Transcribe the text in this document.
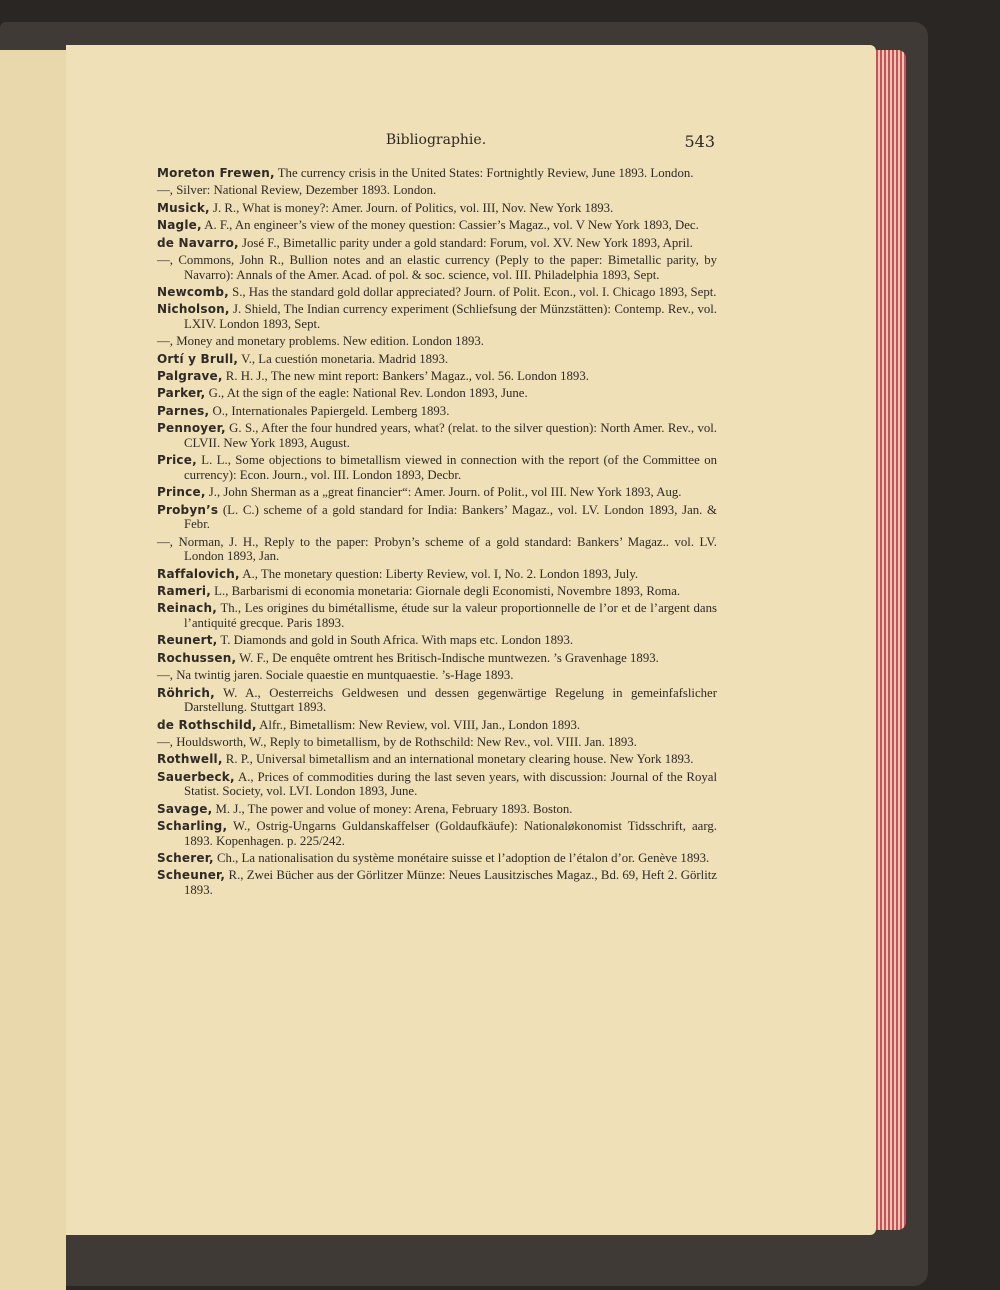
Bibliographie.	543
Moreton Frewen, The currency crisis in the United States: Fortnightly Review, June 1893. London.
—, Silver: National Review, Dezember 1893. London.
Musick, J. R., What is money?: Amer. Journ. of Politics, vol. III, Nov. New York 1893.
Nagle, A. F., An engineer’s view of the money question: Cassier’s Magaz., vol. V New York 1893, Dec.
de Navarro, José F., Bimetallic parity under a gold standard: Forum, vol. XV. New York 1893, April.
—, Commons, John R., Bullion notes and an elastic currency (Peply to the paper: Bimetallic parity, by Navarro): Annals of the Amer. Acad. of pol. & soc. science, vol. III. Philadelphia 1893, Sept.
Newcomb, S., Has the standard gold dollar appreciated? Journ. of Polit. Econ., vol. I. Chicago 1893, Sept.
Nicholson, J. Shield, The Indian currency experiment (Schliefsung der Münzstätten): Contemp. Rev., vol. LXIV. London 1893, Sept.
—, Money and monetary problems. New edition. London 1893.
Ortí y Brull, V., La cuestión monetaria. Madrid 1893.
Palgrave, R. H. J., The new mint report: Bankers’ Magaz., vol. 56. London 1893.
Parker, G., At the sign of the eagle: National Rev. London 1893, June.
Parnes, O., Internationales Papiergeld. Lemberg 1893.
Pennoyer, G. S., After the four hundred years, what? (relat. to the silver question): North Amer. Rev., vol. CLVII. New York 1893, August.
Price, L. L., Some objections to bimetallism viewed in connection with the report (of the Committee on currency): Econ. Journ., vol. III. London 1893, Decbr.
Prince, J., John Sherman as a „great financier“: Amer. Journ. of Polit., vol III. New York 1893, Aug.
Probyn’s (L. C.) scheme of a gold standard for India: Bankers’ Magaz., vol. LV. London 1893, Jan. & Febr.
—, Norman, J. H., Reply to the paper: Probyn’s scheme of a gold standard: Bankers’ Magaz.. vol. LV. London 1893, Jan.
Raffalovich, A., The monetary question: Liberty Review, vol. I, No. 2. London 1893, July.
Rameri, L., Barbarismi di economia monetaria: Giornale degli Economisti, Novembre 1893, Roma.
Reinach, Th., Les origines du bimétallisme, étude sur la valeur proportionnelle de l’or et de l’argent dans l’antiquité grecque. Paris 1893.
Reunert, T. Diamonds and gold in South Africa. With maps etc. London 1893.
Rochussen, W. F., De enquête omtrent hes Britisch-Indische muntwezen. ’s Gravenhage 1893.
—, Na twintig jaren. Sociale quaestie en muntquaestie. ’s-Hage 1893.
Röhrich, W. A., Oesterreichs Geldwesen und dessen gegenwärtige Regelung in gemeinfafslicher Darstellung. Stuttgart 1893.
de Rothschild, Alfr., Bimetallism: New Review, vol. VIII, Jan., London 1893.
—, Houldsworth, W., Reply to bimetallism, by de Rothschild: New Rev., vol. VIII. Jan. 1893.
Rothwell, R. P., Universal bimetallism and an international monetary clearing house. New York 1893.
Sauerbeck, A., Prices of commodities during the last seven years, with discussion: Journal of the Royal Statist. Society, vol. LVI. London 1893, June.
Savage, M. J., The power and volue of money: Arena, February 1893. Boston.
Scharling, W., Ostrig-Ungarns Guldanskaffelser (Goldaufkäufe): Nationaløkonomist Tidsschrift, aarg. 1893. Kopenhagen. p. 225/242.
Scherer, Ch., La nationalisation du système monétaire suisse et l’adoption de l’étalon d’or. Genève 1893.
Scheuner, R., Zwei Bücher aus der Görlitzer Münze: Neues Lausitzisches Magaz., Bd. 69, Heft 2. Görlitz 1893.
